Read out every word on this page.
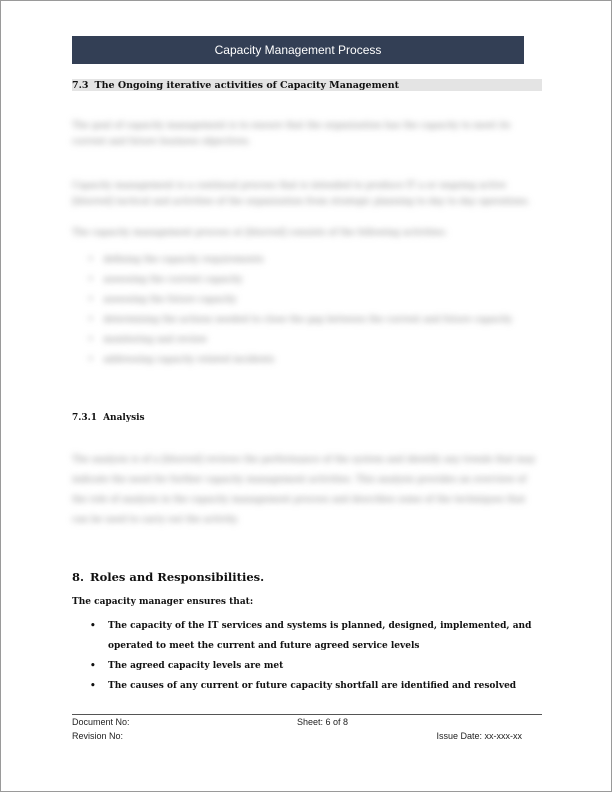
Capacity Management Process
7.3 The Ongoing iterative activities of Capacity Management
The goal of capacity management is to ensure that the organization has the capacity to meet its current and future business objectives.
Capacity management is a continual process that is intended to produce IT a or ongoing active [blurred] tactical and activities of the organization from strategic planning to day to day operations.
The capacity management process at [blurred] consists of the following activities:
• defining the capacity requirements
• assessing the current capacity
• assessing the future capacity
• determining the actions needed to close the gap between the current and future capacity
• monitoring and review
• addressing capacity related incidents
7.3.1 Analysis
The analysis is of a [blurred] reviews the performance of the system and identify any trends that may indicate the need for further capacity management activities. This analysis provides an overview of the role of analysis in the capacity management process and describes some of the techniques that can be used to carry out the activity.
8. Roles and Responsibilities.
The capacity manager ensures that:
• The capacity of the IT services and systems is planned, designed, implemented, and operated to meet the current and future agreed service levels
• The agreed capacity levels are met
• The causes of any current or future capacity shortfall are identified and resolved
Document No:	Sheet: 6 of 8
Revision No:	Issue Date: xx-xxx-xx
